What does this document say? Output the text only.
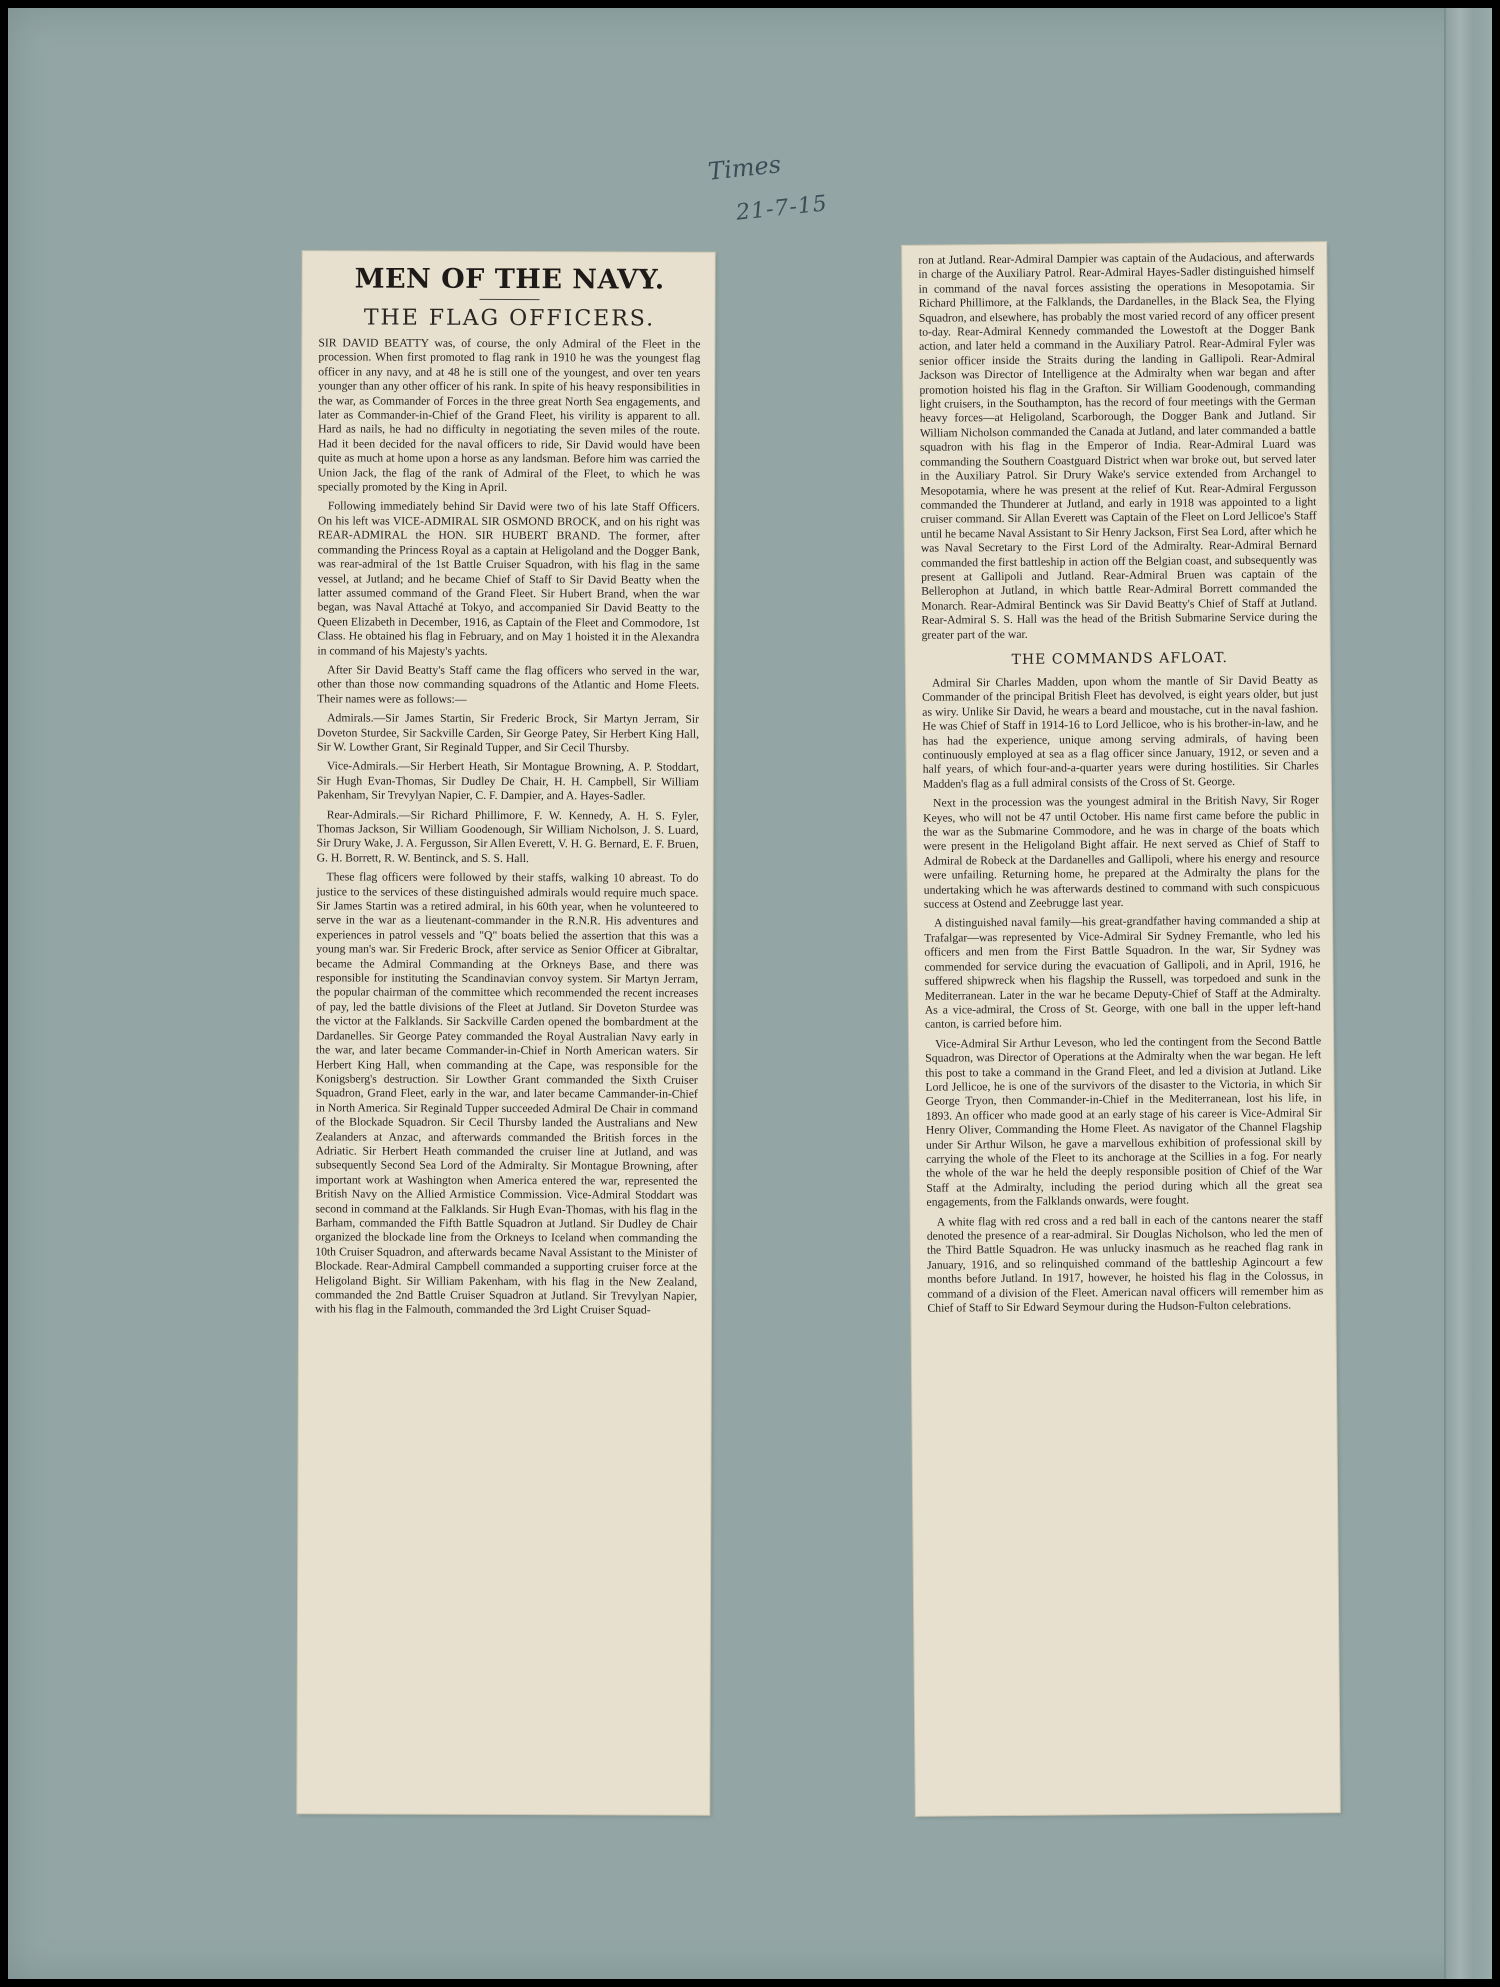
Times
21-7-15
MEN OF THE NAVY.
THE FLAG OFFICERS.

SIR DAVID BEATTY was, of course, the only Admiral of the Fleet in the procession. When first promoted to flag rank in 1910 he was the youngest flag officer in any navy, and at 48 he is still one of the youngest, and over ten years younger than any other officer of his rank. In spite of his heavy responsibilities in the war, as Commander of Forces in the three great North Sea engagements, and later as Commander-in-Chief of the Grand Fleet, his virility is apparent to all. Hard as nails, he had no difficulty in negotiating the seven miles of the route. Had it been decided for the naval officers to ride, Sir David would have been quite as much at home upon a horse as any landsman. Before him was carried the Union Jack, the flag of the rank of Admiral of the Fleet, to which he was specially promoted by the King in April.

Following immediately behind Sir David were two of his late Staff Officers. On his left was VICE-ADMIRAL SIR OSMOND BROCK, and on his right was REAR-ADMIRAL the HON. SIR HUBERT BRAND. The former, after commanding the Princess Royal as a captain at Heligoland and the Dogger Bank, was rear-admiral of the 1st Battle Cruiser Squadron, with his flag in the same vessel, at Jutland; and he became Chief of Staff to Sir David Beatty when the latter assumed command of the Grand Fleet. Sir Hubert Brand, when the war began, was Naval Attaché at Tokyo, and accompanied Sir David Beatty to the Queen Elizabeth in December, 1916, as Captain of the Fleet and Commodore, 1st Class. He obtained his flag in February, and on May 1 hoisted it in the Alexandra in command of his Majesty's yachts.

After Sir David Beatty's Staff came the flag officers who served in the war, other than those now commanding squadrons of the Atlantic and Home Fleets. Their names were as follows:—

Admirals.—Sir James Startin, Sir Frederic Brock, Sir Martyn Jerram, Sir Doveton Sturdee, Sir Sackville Carden, Sir George Patey, Sir Herbert King Hall, Sir W. Lowther Grant, Sir Reginald Tupper, and Sir Cecil Thursby.

Vice-Admirals.—Sir Herbert Heath, Sir Montague Browning, A. P. Stoddart, Sir Hugh Evan-Thomas, Sir Dudley De Chair, H. H. Campbell, Sir William Pakenham, Sir Trevylyan Napier, C. F. Dampier, and A. Hayes-Sadler.

Rear-Admirals.—Sir Richard Phillimore, F. W. Kennedy, A. H. S. Fyler, Thomas Jackson, Sir William Goodenough, Sir William Nicholson, J. S. Luard, Sir Drury Wake, J. A. Fergusson, Sir Allen Everett, V. H. G. Bernard, E. F. Bruen, G. H. Borrett, R. W. Bentinck, and S. S. Hall.

These flag officers were followed by their staffs, walking 10 abreast. To do justice to the services of these distinguished admirals would require much space. Sir James Startin was a retired admiral, in his 60th year, when he volunteered to serve in the war as a lieutenant-commander in the R.N.R. His adventures and experiences in patrol vessels and "Q" boats belied the assertion that this was a young man's war. Sir Frederic Brock, after service as Senior Officer at Gibraltar, became the Admiral Commanding at the Orkneys Base, and there was responsible for instituting the Scandinavian convoy system. Sir Martyn Jerram, the popular chairman of the committee which recommended the recent increases of pay, led the battle divisions of the Fleet at Jutland. Sir Doveton Sturdee was the victor at the Falklands. Sir Sackville Carden opened the bombardment at the Dardanelles. Sir George Patey commanded the Royal Australian Navy early in the war, and later became Commander-in-Chief in North American waters. Sir Herbert King Hall, when commanding at the Cape, was responsible for the Konigsberg's destruction. Sir Lowther Grant commanded the Sixth Cruiser Squadron, Grand Fleet, early in the war, and later became Cammander-in-Chief in North America. Sir Reginald Tupper succeeded Admiral De Chair in command of the Blockade Squadron. Sir Cecil Thursby landed the Australians and New Zealanders at Anzac, and afterwards commanded the British forces in the Adriatic. Sir Herbert Heath commanded the cruiser line at Jutland, and was subsequently Second Sea Lord of the Admiralty. Sir Montague Browning, after important work at Washington when America entered the war, represented the British Navy on the Allied Armistice Commission. Vice-Admiral Stoddart was second in command at the Falklands. Sir Hugh Evan-Thomas, with his flag in the Barham, commanded the Fifth Battle Squadron at Jutland. Sir Dudley de Chair organized the blockade line from the Orkneys to Iceland when commanding the 10th Cruiser Squadron, and afterwards became Naval Assistant to the Minister of Blockade. Rear-Admiral Campbell commanded a supporting cruiser force at the Heligoland Bight. Sir William Pakenham, with his flag in the New Zealand, commanded the 2nd Battle Cruiser Squadron at Jutland. Sir Trevylyan Napier, with his flag in the Falmouth, commanded the 3rd Light Cruiser Squad-

ron at Jutland. Rear-Admiral Dampier was captain of the Audacious, and afterwards in charge of the Auxiliary Patrol. Rear-Admiral Hayes-Sadler distinguished himself in command of the naval forces assisting the operations in Mesopotamia. Sir Richard Phillimore, at the Falklands, the Dardanelles, in the Black Sea, the Flying Squadron, and elsewhere, has probably the most varied record of any officer present to-day. Rear-Admiral Kennedy commanded the Lowestoft at the Dogger Bank action, and later held a command in the Auxiliary Patrol. Rear-Admiral Fyler was senior officer inside the Straits during the landing in Gallipoli. Rear-Admiral Jackson was Director of Intelligence at the Admiralty when war began and after promotion hoisted his flag in the Grafton. Sir William Goodenough, commanding light cruisers, in the Southampton, has the record of four meetings with the German heavy forces—at Heligoland, Scarborough, the Dogger Bank and Jutland. Sir William Nicholson commanded the Canada at Jutland, and later commanded a battle squadron with his flag in the Emperor of India. Rear-Admiral Luard was commanding the Southern Coastguard District when war broke out, but served later in the Auxiliary Patrol. Sir Drury Wake's service extended from Archangel to Mesopotamia, where he was present at the relief of Kut. Rear-Admiral Fergusson commanded the Thunderer at Jutland, and early in 1918 was appointed to a light cruiser command. Sir Allan Everett was Captain of the Fleet on Lord Jellicoe's Staff until he became Naval Assistant to Sir Henry Jackson, First Sea Lord, after which he was Naval Secretary to the First Lord of the Admiralty. Rear-Admiral Bernard commanded the first battleship in action off the Belgian coast, and subsequently was present at Gallipoli and Jutland. Rear-Admiral Bruen was captain of the Bellerophon at Jutland, in which battle Rear-Admiral Borrett commanded the Monarch. Rear-Admiral Bentinck was Sir David Beatty's Chief of Staff at Jutland. Rear-Admiral S. S. Hall was the head of the British Submarine Service during the greater part of the war.

THE COMMANDS AFLOAT.

Admiral Sir Charles Madden, upon whom the mantle of Sir David Beatty as Commander of the principal British Fleet has devolved, is eight years older, but just as wiry. Unlike Sir David, he wears a beard and moustache, cut in the naval fashion. He was Chief of Staff in 1914-16 to Lord Jellicoe, who is his brother-in-law, and he has had the experience, unique among serving admirals, of having been continuously employed at sea as a flag officer since January, 1912, or seven and a half years, of which four-and-a-quarter years were during hostilities. Sir Charles Madden's flag as a full admiral consists of the Cross of St. George.

Next in the procession was the youngest admiral in the British Navy, Sir Roger Keyes, who will not be 47 until October. His name first came before the public in the war as the Submarine Commodore, and he was in charge of the boats which were present in the Heligoland Bight affair. He next served as Chief of Staff to Admiral de Robeck at the Dardanelles and Gallipoli, where his energy and resource were unfailing. Returning home, he prepared at the Admiralty the plans for the undertaking which he was afterwards destined to command with such conspicuous success at Ostend and Zeebrugge last year.

A distinguished naval family—his great-grandfather having commanded a ship at Trafalgar—was represented by Vice-Admiral Sir Sydney Fremantle, who led his officers and men from the First Battle Squadron. In the war, Sir Sydney was commended for service during the evacuation of Gallipoli, and in April, 1916, he suffered shipwreck when his flagship the Russell, was torpedoed and sunk in the Mediterranean. Later in the war he became Deputy-Chief of Staff at the Admiralty. As a vice-admiral, the Cross of St. George, with one ball in the upper left-hand canton, is carried before him.

Vice-Admiral Sir Arthur Leveson, who led the contingent from the Second Battle Squadron, was Director of Operations at the Admiralty when the war began. He left this post to take a command in the Grand Fleet, and led a division at Jutland. Like Lord Jellicoe, he is one of the survivors of the disaster to the Victoria, in which Sir George Tryon, then Commander-in-Chief in the Mediterranean, lost his life, in 1893. An officer who made good at an early stage of his career is Vice-Admiral Sir Henry Oliver, Commanding the Home Fleet. As navigator of the Channel Flagship under Sir Arthur Wilson, he gave a marvellous exhibition of professional skill by carrying the whole of the Fleet to its anchorage at the Scillies in a fog. For nearly the whole of the war he held the deeply responsible position of Chief of the War Staff at the Admiralty, including the period during which all the great sea engagements, from the Falklands onwards, were fought.

A white flag with red cross and a red ball in each of the cantons nearer the staff denoted the presence of a rear-admiral. Sir Douglas Nicholson, who led the men of the Third Battle Squadron. He was unlucky inasmuch as he reached flag rank in January, 1916, and so relinquished command of the battleship Agincourt a few months before Jutland. In 1917, however, he hoisted his flag in the Colossus, in command of a division of the Fleet. American naval officers will remember him as Chief of Staff to Sir Edward Seymour during the Hudson-Fulton celebrations.
